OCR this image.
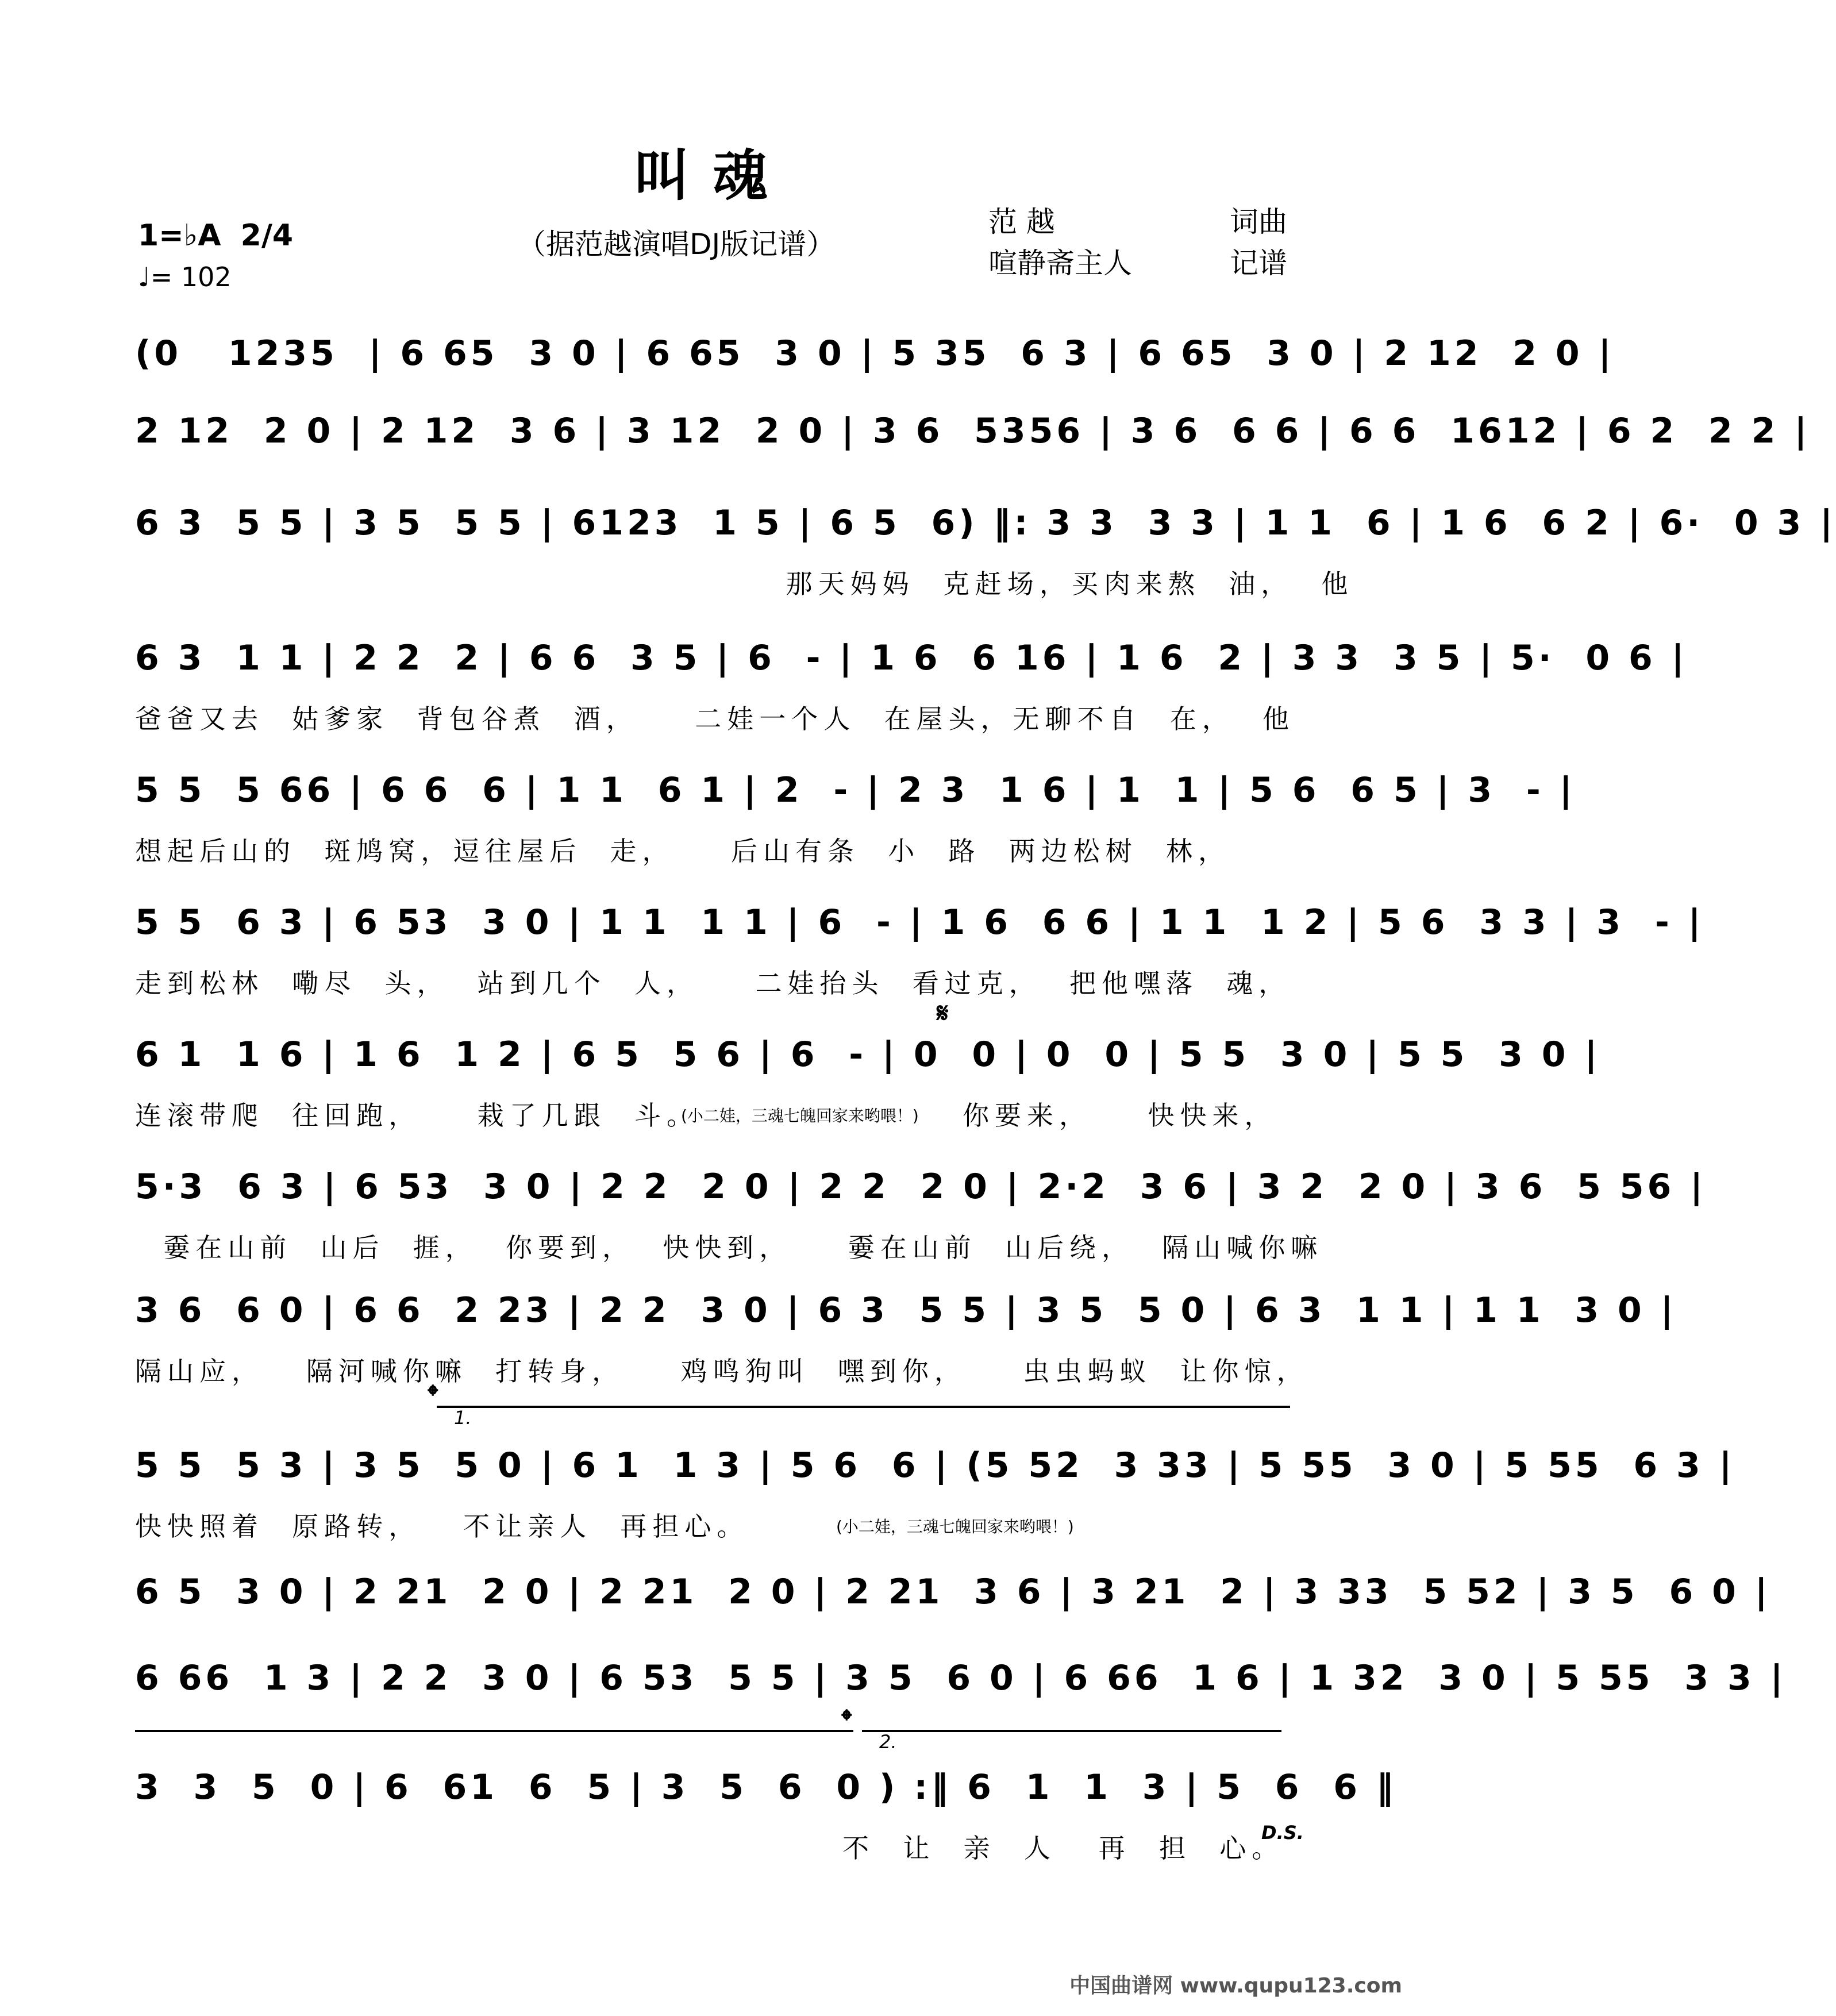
叫魂
（据范越演唱DJ版记谱）
范 越	词曲
喧静斋主人	记谱
1=♭A 2/4
♩= 102
(0   1235  | 6 65  3 0 | 6 65  3 0 | 5 35  6 3 | 6 65  3 0 | 2 12  2 0 |
2 12  2 0 | 2 12  3 6 | 3 12  2 0 | 3 6  5356 | 3 6  6 6 | 6 6  1612 | 6 2  2 2 |
6 3  5 5 | 3 5  5 5 | 6123  1 5 | 6 5  6) ‖: 3 3  3 3 | 1 1  6 | 1 6  6 2 | 6·  0 3 |
那天妈妈  克赶场，买肉来熬  油，  他
6 3  1 1 | 2 2  2 | 6 6  3 5 | 6  - | 1 6  6 16 | 1 6  2 | 3 3  3 5 | 5·  0 6 |
爸爸又去  姑爹家  背包谷煮  酒，    二娃一个人  在屋头，无聊不自  在，  他
5 5  5 66 | 6 6  6 | 1 1  6 1 | 2  - | 2 3  1 6 | 1  1 | 5 6  6 5 | 3  - |
想起后山的  斑鸠窝，逗往屋后  走，    后山有条  小  路  两边松树  林，
5 5  6 3 | 6 53  3 0 | 1 1  1 1 | 6  - | 1 6  6 6 | 1 1  1 2 | 5 6  3 3 | 3  - |
走到松林  嘞尽  头，  站到几个  人，    二娃抬头  看过克，  把他嘿落  魂，
6 1  1 6 | 1 6  1 2 | 6 5  5 6 | 6  - | 0  0 | 0  0 | 5 5  3 0 | 5 5  3 0 |
连滚带爬  往回跑，    栽了几跟  斗。
(小二娃，三魂七魄回家来哟喂！) 你要来，    快快来，
5·3  6 3 | 6 53  3 0 | 2 2  2 0 | 2 2  2 0 | 2·2  3 6 | 3 2  2 0 | 3 6  5 56 |
嫑在山前  山后  捱，  你要到，  快快到，    嫑在山前  山后绕，  隔山喊你嘛
3 6  6 0 | 6 6  2 23 | 2 2  3 0 | 6 3  5 5 | 3 5  5 0 | 6 3  1 1 | 1 1  3 0 |
隔山应，   隔河喊你嘛  打转身，    鸡鸣狗叫  嘿到你，    虫虫蚂蚁  让你惊，
5 5  5 3 | 3 5  5 0 | 6 1  1 3 | 5 6  6 | (5 52  3 33 | 5 55  3 0 | 5 55  6 3 |
快快照着  原路转，   不让亲人  再担心。	(小二娃，三魂七魄回家来哟喂！)
6 5  3 0 | 2 21  2 0 | 2 21  2 0 | 2 21  3 6 | 3 21  2 | 3 33  5 52 | 3 5  6 0 |
6 66  1 3 | 2 2  3 0 | 6 53  5 5 | 3 5  6 0 | 6 66  1 6 | 1 32  3 0 | 5 55  3 3 |
3  3  5  0 | 6  61  6  5 | 3  5  6  0 ) :‖ 6  1  1  3 | 5  6  6 ‖
不  让  亲  人   再  担  心。
1.
𝄌
𝄋
2.
𝄌
D.S.
中国曲谱网 www.qupu123.com
